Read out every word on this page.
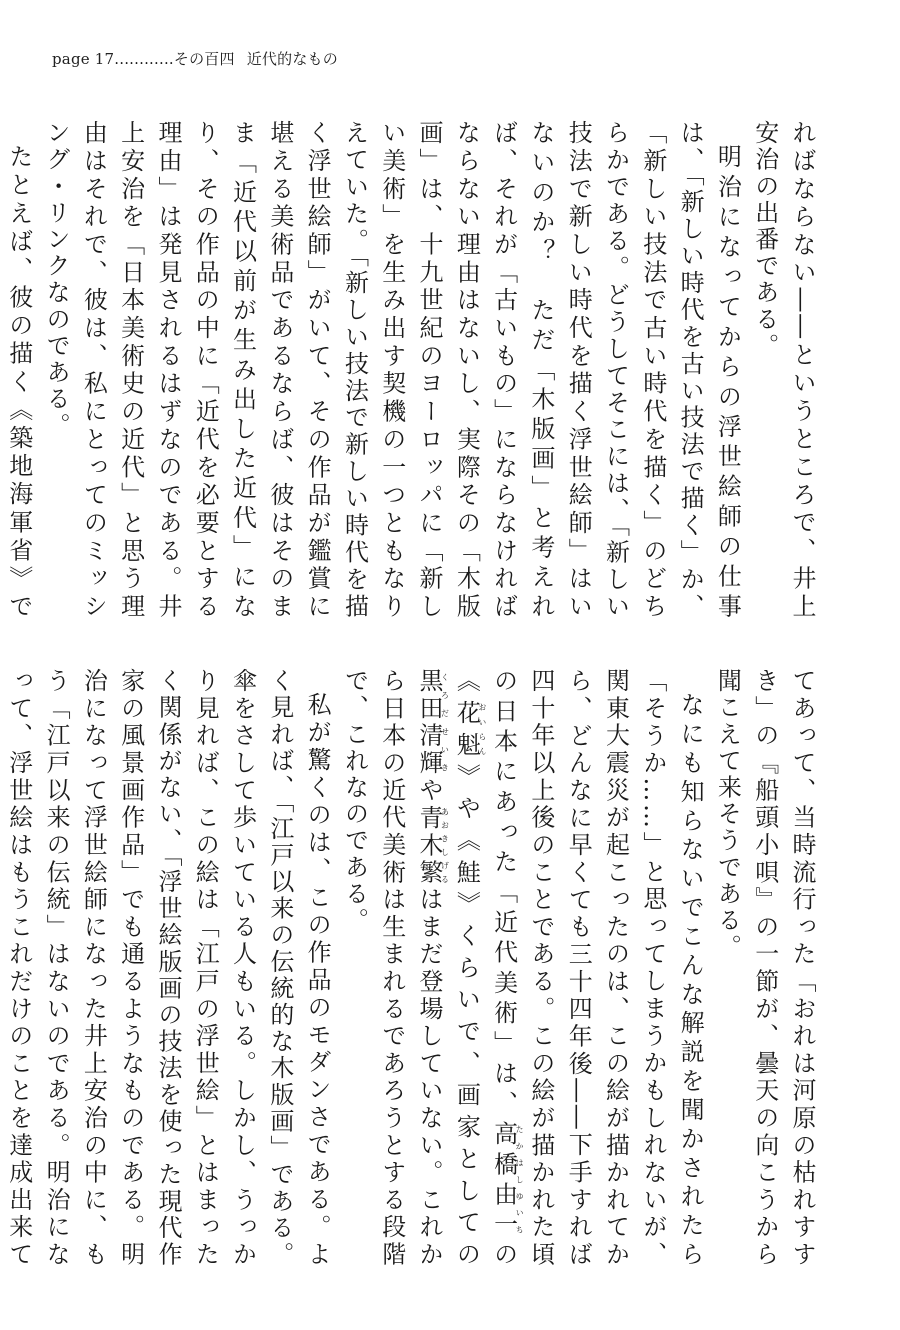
page 17............その百四 近代的なもの

ればならない――というところで、井上安治の出番である。

明治になってからの浮世絵師の仕事は、「新しい時代を古い技法で描く」か、「新しい技法で古い時代を描く」のどちらかである。どうしてそこには、「新しい技法で新しい時代を描く浮世絵師」はいないのか？　ただ「木版画」と考えれば、それが「古いもの」にならなければならない理由はないし、実際その「木版画」は、十九世紀のヨーロッパに「新しい美術」を生み出す契機の一つともなりえていた。「新しい技法で新しい時代を描く浮世絵師」がいて、その作品が鑑賞に堪える美術品であるならば、彼はそのまま「近代以前が生み出した近代」になり、その作品の中に「近代を必要とする理由」は発見されるはずなのである。井上安治を「日本美術史の近代」と思う理由はそれで、彼は、私にとってのミッシング・リンクなのである。

たとえば、彼の描く《築地海軍省》で　

てあって、当時流行った「おれは河原の枯れすすき」の『船頭小唄』の一節が、曇天の向こうから聞こえて来そうである。

なにも知らないでこんな解説を聞かされたら「そうか……」と思ってしまうかもしれないが、関東大震災が起こったのは、この絵が描かれてから、どんなに早くても三十四年後――下手すれば四十年以上後のことである。この絵が描かれた頃の日本にあった「近代美術」は、高橋由一たかはしゆいちの《花魁おいらん》や《鮭》くらいで、画家としての黒田清輝くろだせいきや青木繁あおきしげるはまだ登場していない。これから日本の近代美術は生まれるであろうとする段階で、これなのである。

私が驚くのは、この作品のモダンさである。よく見れば、「江戸以来の伝統的な木版画」である。傘をさして歩いている人もいる。しかし、うっかり見れば、この絵は「江戸の浮世絵」とはまったく関係がない、「浮世絵版画の技法を使った現代作家の風景画作品」でも通るようなものである。明治になって浮世絵師になった井上安治の中に、もう「江戸以来の伝統」はないのである。明治になって、浮世絵はもうこれだけのことを達成出来て
